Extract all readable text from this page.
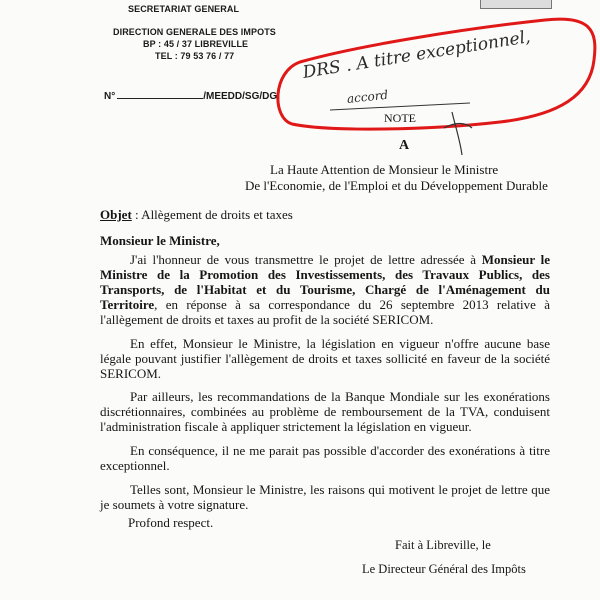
SECRETARIAT GENERAL
DIRECTION GENERALE DES IMPOTS
BP : 45 / 37 LIBREVILLE
TEL : 79 53 76 / 77
N°	/MEEDD/SG/DGI
DRS . A titre exceptionnel,
accord
NOTE
A
La Haute Attention de Monsieur le Ministre
De l'Economie, de l'Emploi et du Développement Durable
Objet : Allègement de droits et taxes
Monsieur le Ministre,

J'ai l'honneur de vous transmettre le projet de lettre adressée à Monsieur le Ministre de la Promotion des Investissements, des Travaux Publics, des Transports, de l'Habitat et du Tourisme, Chargé de l'Aménagement du Territoire, en réponse à sa correspondance du 26 septembre 2013 relative à l'allègement de droits et taxes au profit de la société SERICOM.

En effet, Monsieur le Ministre, la législation en vigueur n'offre aucune base légale pouvant justifier l'allègement de droits et taxes sollicité en faveur de la société SERICOM.

Par ailleurs, les recommandations de la Banque Mondiale sur les exonérations discrétionnaires, combinées au problème de remboursement de la TVA, conduisent l'administration fiscale à appliquer strictement la législation en vigueur.

En conséquence, il ne me parait pas possible d'accorder des exonérations à titre exceptionnel.

Telles sont, Monsieur le Ministre, les raisons qui motivent le projet de lettre que je soumets à votre signature.

Profond respect.
Fait à Libreville, le
Le Directeur Général des Impôts
